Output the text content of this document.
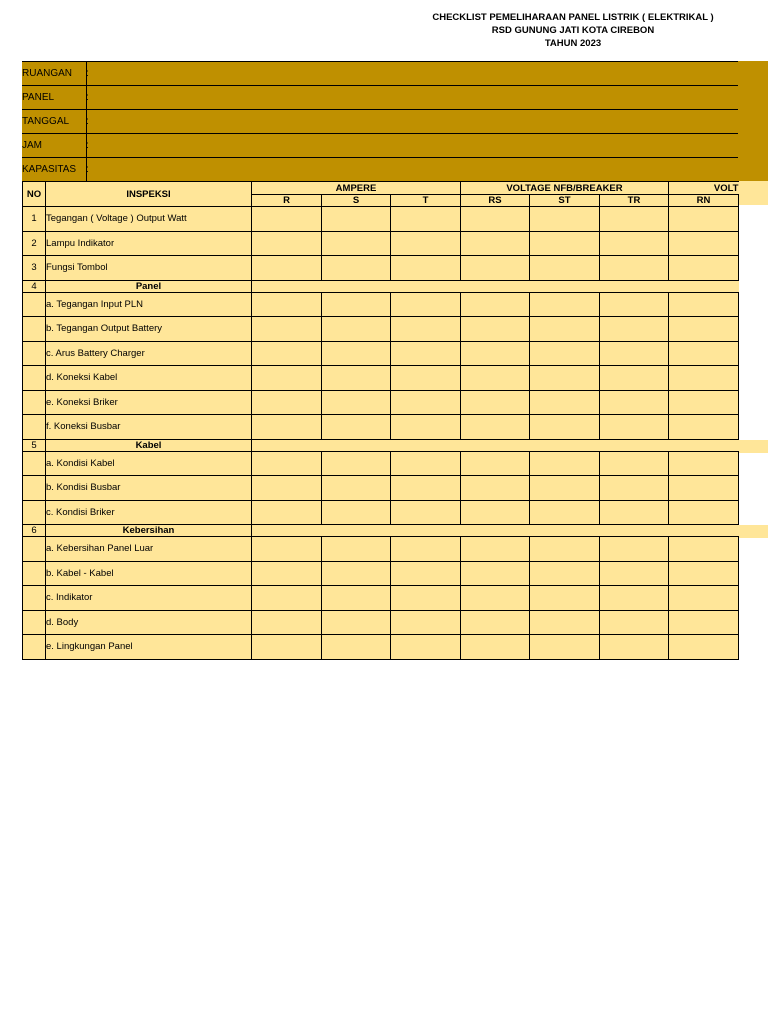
CHECKLIST PEMELIHARAAN PANEL LISTRIK ( ELEKTRIKAL )
RSD GUNUNG JATI KOTA CIREBON
TAHUN 2023
RUANGAN	:
PANEL	:
TANGGAL	:
JAM	:
KAPASITAS :
NO	INSPEKSI	AMPERE			VOLTAGE NFB/BREAKER			VOLT
		R	S	T	RS	ST	TR	RN
1	Tegangan ( Voltage ) Output Watt							
2	Lampu Indikator							
3	Fungsi Tombol							
4	Panel							
	a. Tegangan Input PLN							
	b. Tegangan Output Battery							
	c. Arus Battery Charger							
	d. Koneksi Kabel							
	e. Koneksi Briker							
	f. Koneksi Busbar							
5	Kabel							
	a. Kondisi Kabel							
	b. Kondisi Busbar							
	c. Kondisi Briker							
6	Kebersihan							
	a. Kebersihan Panel Luar							
	b. Kabel - Kabel							
	c. Indikator							
	d. Body							
	e. Lingkungan Panel							
